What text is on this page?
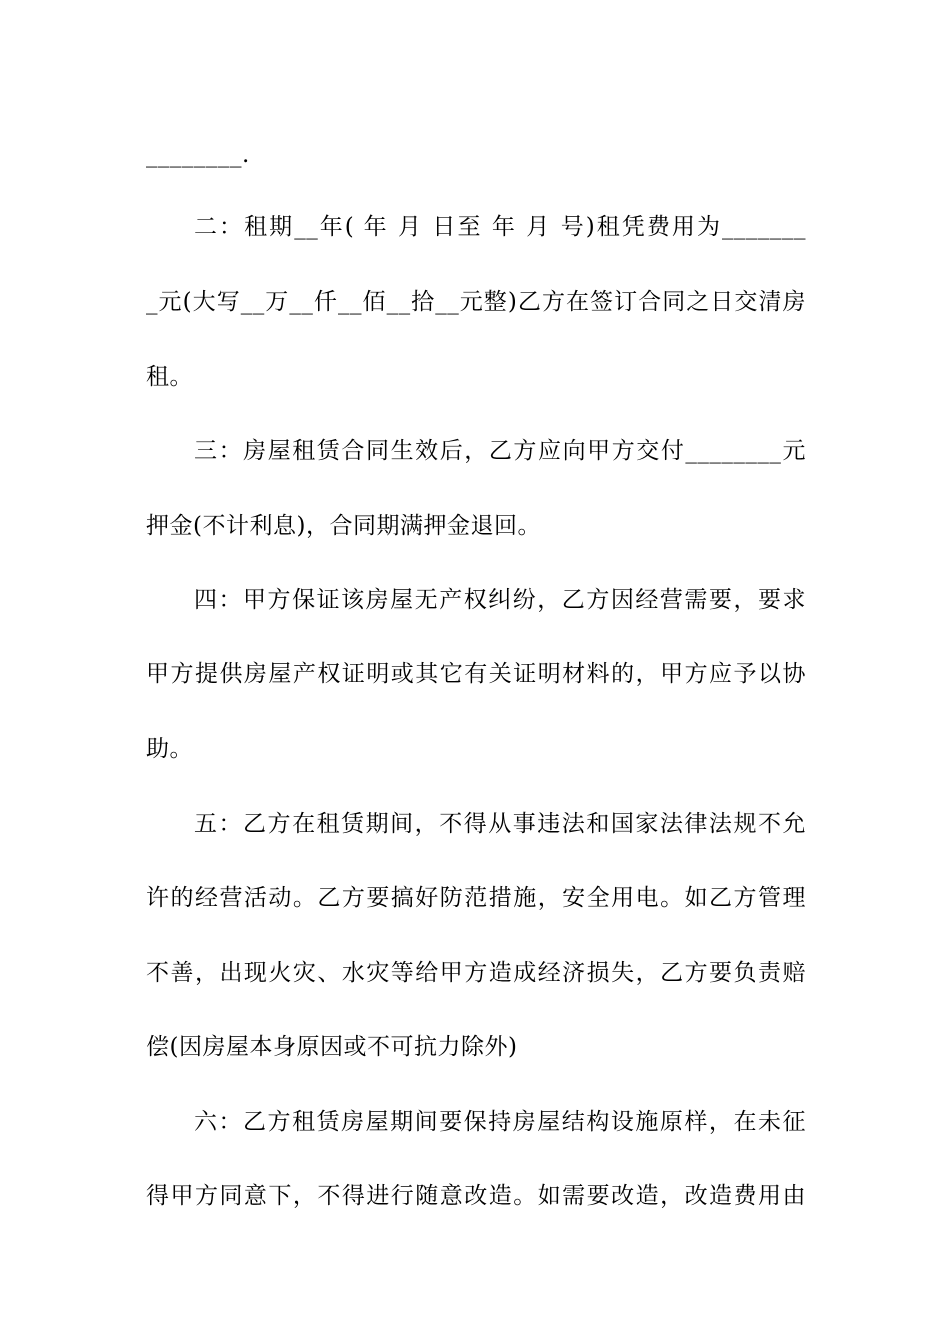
________.
二：租期__年( 年 月 日至 年 月 号)租凭费用为_______
_元(大写__万__仟__佰__拾__元整)乙方在签订合同之日交清房
租。
三：房屋租赁合同生效后，乙方应向甲方交付________元
押金(不计利息)，合同期满押金退回。
四：甲方保证该房屋无产权纠纷，乙方因经营需要，要求
甲方提供房屋产权证明或其它有关证明材料的，甲方应予以协
助。
五：乙方在租赁期间，不得从事违法和国家法律法规不允
许的经营活动。乙方要搞好防范措施，安全用电。如乙方管理
不善，出现火灾、水灾等给甲方造成经济损失，乙方要负责赔
偿(因房屋本身原因或不可抗力除外)
六：乙方租赁房屋期间要保持房屋结构设施原样，在未征
得甲方同意下，不得进行随意改造。如需要改造，改造费用由
